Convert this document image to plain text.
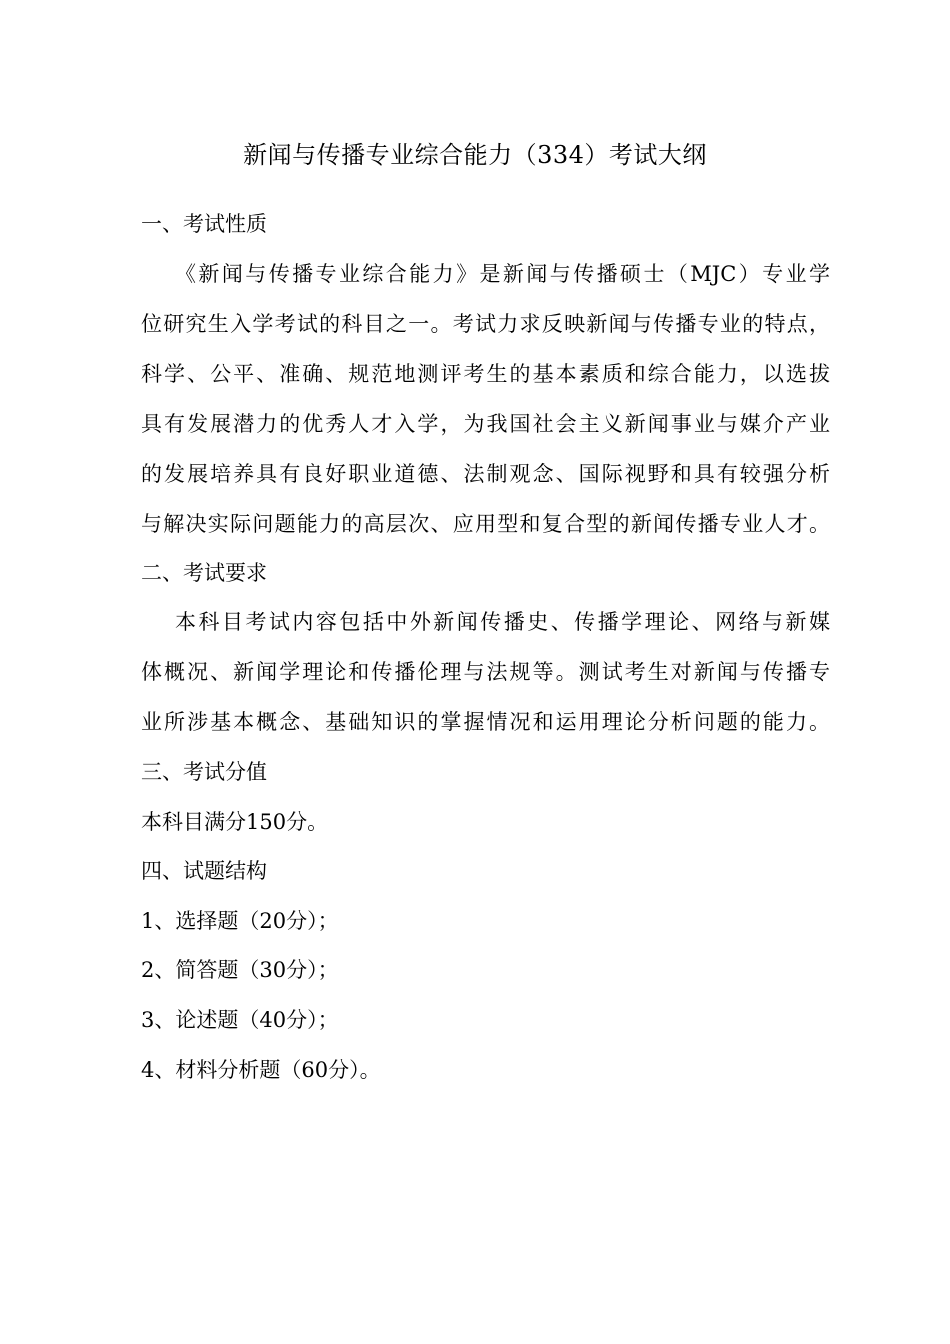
新闻与传播专业综合能力（334）考试大纲
一、考试性质
《新闻与传播专业综合能力》是新闻与传播硕士（MJC）专业学
位研究生入学考试的科目之一。考试力求反映新闻与传播专业的特点，
科学、公平、准确、规范地测评考生的基本素质和综合能力，以选拔
具有发展潜力的优秀人才入学，为我国社会主义新闻事业与媒介产业
的发展培养具有良好职业道德、法制观念、国际视野和具有较强分析
与解决实际问题能力的高层次、应用型和复合型的新闻传播专业人才。
二、考试要求
本科目考试内容包括中外新闻传播史、传播学理论、网络与新媒
体概况、新闻学理论和传播伦理与法规等。测试考生对新闻与传播专
业所涉基本概念、基础知识的掌握情况和运用理论分析问题的能力。
三、考试分值
本科目满分150分。
四、试题结构
1、选择题（20分）；
2、简答题（30分）；
3、论述题（40分）；
4、材料分析题（60分）。
